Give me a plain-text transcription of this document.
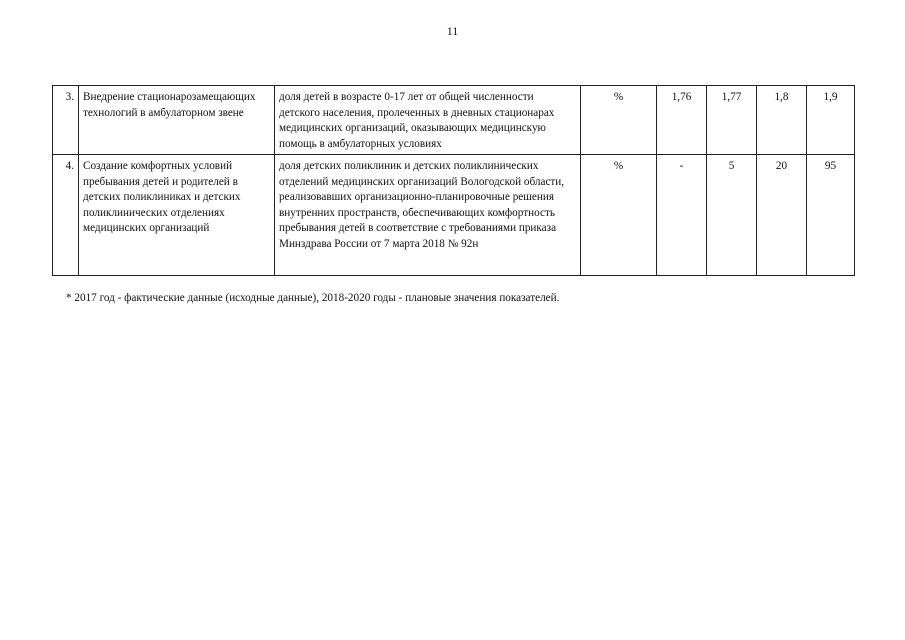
11
3.	Внедрение стационарозамещающих технологий в амбулаторном звене	доля детей в возрасте 0-17 лет от общей численности детского населения, пролеченных в дневных стационарах медицинских организаций, оказывающих медицинскую помощь в амбулаторных условиях	%	1,76	1,77	1,8	1,9
4.	Создание комфортных условий пребывания детей и родителей в детских поликлиниках и детских поликлинических отделениях медицинских организаций	доля детских поликлиник и детских поликлинических отделений медицинских организаций Вологодской области, реализовавших организационно-планировочные решения внутренних пространств, обеспечивающих комфортность пребывания детей в соответствие с требованиями приказа Минздрава России от 7 марта 2018 № 92н	%	-	5	20	95
* 2017 год - фактические данные (исходные данные), 2018-2020 годы - плановые значения показателей.
